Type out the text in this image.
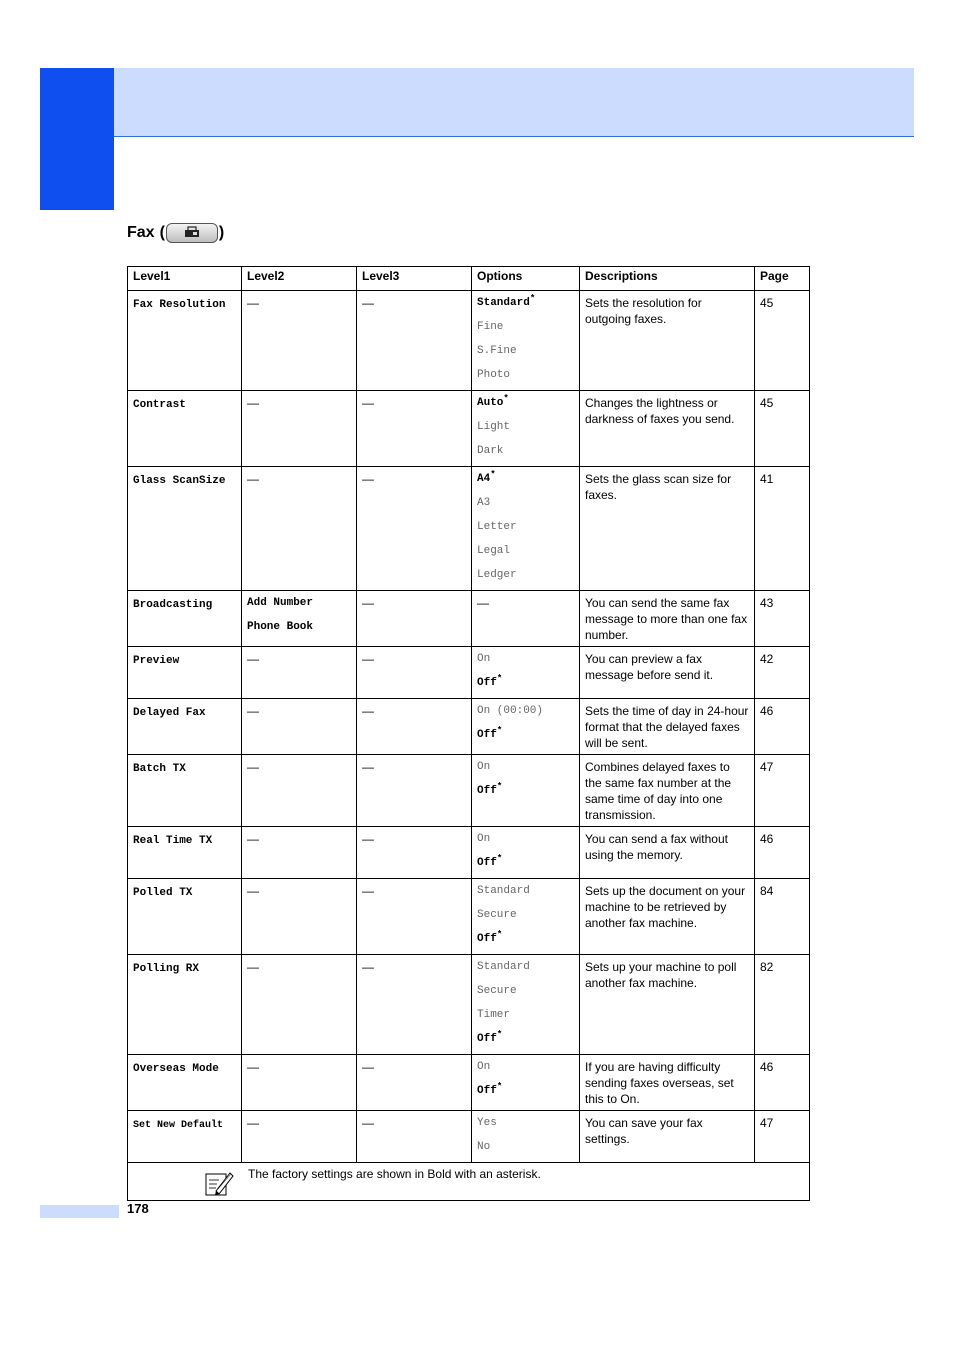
Fax (	)
Level1	Level2	Level3	Options	Descriptions	Page
Fax Resolution	—	—	Standard*
Fine
S.Fine
Photo	Sets the resolution for outgoing faxes.	45
Contrast	—	—	Auto*
Light
Dark	Changes the lightness or darkness of faxes you send.	45
Glass ScanSize	—	—	A4*
A3
Letter
Legal
Ledger	Sets the glass scan size for faxes.	41
Broadcasting	Add Number
Phone Book	—	—	You can send the same fax message to more than one fax number.	43
Preview	—	—	On
Off*	You can preview a fax message before send it.	42
Delayed Fax	—	—	On (00:00)
Off*	Sets the time of day in 24-hour format that the delayed faxes will be sent.	46
Batch TX	—	—	On
Off*	Combines delayed faxes to the same fax number at the same time of day into one transmission.	47
Real Time TX	—	—	On
Off*	You can send a fax without using the memory.	46
Polled TX	—	—	Standard
Secure
Off*	Sets up the document on your machine to be retrieved by another fax machine.	84
Polling RX	—	—	Standard
Secure
Timer
Off*	Sets up your machine to poll another fax machine.	82
Overseas Mode	—	—	On
Off*	If you are having difficulty sending faxes overseas, set this to On.	46
Set New Default	—	—	Yes
No	You can save your fax settings.	47

The factory settings are shown in Bold with an asterisk.					
178
